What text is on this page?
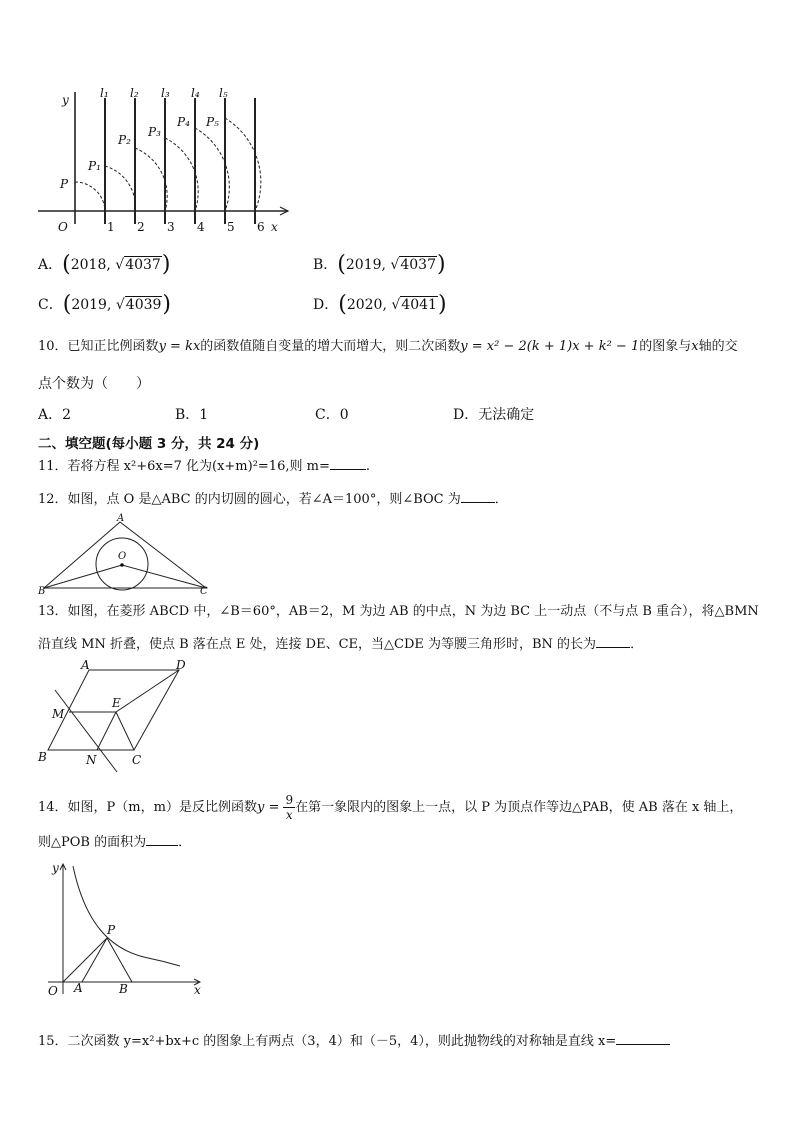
y	l₁ l₂ l₃ l₄ l₅
P
P₁
P₂
P₃
P₄ P₅
O	x
1 2 3 4 5 6
A．(2018, √4037)	B．(2019, √4037)
C．(2019, √4039)	D．(2020, √4041)
10．已知正比例函数y = kx的函数值随自变量的增大而增大，则二次函数y = x² − 2(k + 1)x + k² − 1的图象与x轴的交
点个数为（　　）
A．2	B．1	C．0	D．无法确定
二、填空题(每小题 3 分，共 24 分)
11．若将方程 x²+6x=7 化为(x+m)²=16,则 m=	.
12．如图，点 O 是△ABC 的内切圆的圆心，若∠A＝100°，则∠BOC 为	．
A
O
B	C
13．如图，在菱形 ABCD 中，∠B＝60°，AB＝2，M 为边 AB 的中点，N 为边 BC 上一动点（不与点 B 重合），将△BMN
沿直线 MN 折叠，使点 B 落在点 E 处，连接 DE、CE，当△CDE 为等腰三角形时，BN 的长为	．
A	D
E
M
B	N	C
14．如图，P（m，m）是反比例函数$y = \frac{9}{x}$ 在第一象限内的图象上一点，以 P 为顶点作等边△PAB，使 AB 落在 x 轴上，
则△POB 的面积为 ．
y
P
O A	B	x
15．二次函数 y=x²+bx+c 的图象上有两点（3，4）和（－5，4），则此抛物线的对称轴是直线 x=
